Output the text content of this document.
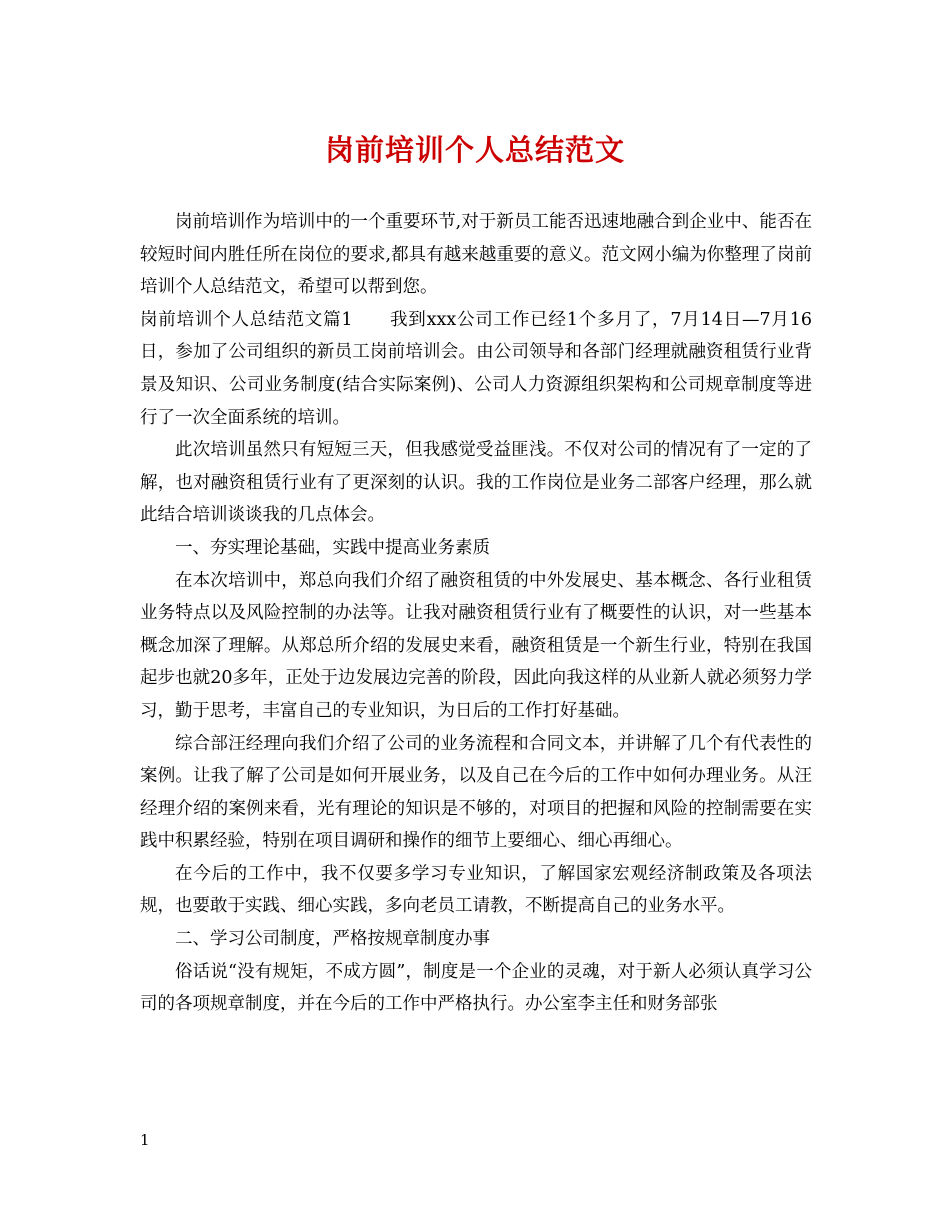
岗前培训个人总结范文

岗前培训作为培训中的一个重要环节,对于新员工能否迅速地融合到企业中、能否在较短时间内胜任所在岗位的要求,都具有越来越重要的意义。范文网小编为你整理了岗前培训个人总结范文，希望可以帮到您。

岗前培训个人总结范文篇1　　我到xxx公司工作已经1个多月了，7月14日—7月16日，参加了公司组织的新员工岗前培训会。由公司领导和各部门经理就融资租赁行业背景及知识、公司业务制度(结合实际案例)、公司人力资源组织架构和公司规章制度等进行了一次全面系统的培训。

此次培训虽然只有短短三天，但我感觉受益匪浅。不仅对公司的情况有了一定的了解，也对融资租赁行业有了更深刻的认识。我的工作岗位是业务二部客户经理，那么就此结合培训谈谈我的几点体会。

一、夯实理论基础，实践中提高业务素质

在本次培训中，郑总向我们介绍了融资租赁的中外发展史、基本概念、各行业租赁业务特点以及风险控制的办法等。让我对融资租赁行业有了概要性的认识，对一些基本概念加深了理解。从郑总所介绍的发展史来看，融资租赁是一个新生行业，特别在我国起步也就20多年，正处于边发展边完善的阶段，因此向我这样的从业新人就必须努力学习，勤于思考，丰富自己的专业知识，为日后的工作打好基础。

综合部汪经理向我们介绍了公司的业务流程和合同文本，并讲解了几个有代表性的案例。让我了解了公司是如何开展业务，以及自己在今后的工作中如何办理业务。从汪经理介绍的案例来看，光有理论的知识是不够的，对项目的把握和风险的控制需要在实践中积累经验，特别在项目调研和操作的细节上要细心、细心再细心。

在今后的工作中，我不仅要多学习专业知识，了解国家宏观经济制政策及各项法规，也要敢于实践、细心实践，多向老员工请教，不断提高自己的业务水平。

二、学习公司制度，严格按规章制度办事

俗话说“没有规矩，不成方圆”，制度是一个企业的灵魂，对于新人必须认真学习公司的各项规章制度，并在今后的工作中严格执行。办公室李主任和财务部张

1
